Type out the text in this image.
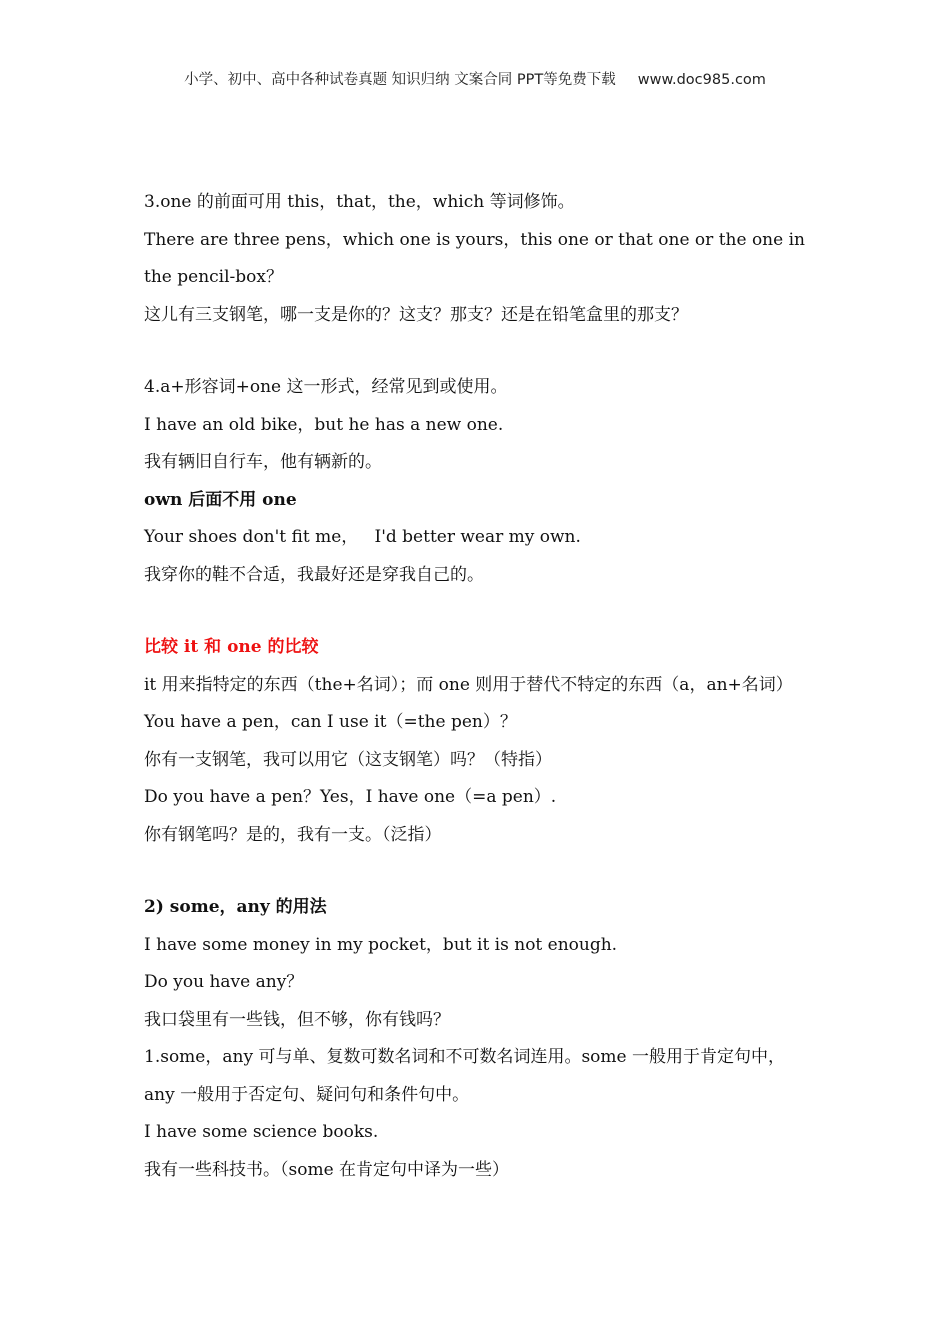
小学、初中、高中各种试卷真题 知识归纳 文案合同 PPT等免费下载 www.doc985.com

3.one 的前面可用 this，that，the，which 等词修饰。

There are three pens，which one is yours，this one or that one or the one in the pencil-box？

这儿有三支钢笔，哪一支是你的？这支？那支？还是在铅笔盒里的那支？

4.a+形容词+one 这一形式，经常见到或使用。

I have an old bike，but he has a new one.

我有辆旧自行车，他有辆新的。

own 后面不用 one

Your shoes don't fit me，   I'd better wear my own.

我穿你的鞋不合适，我最好还是穿我自己的。

比较 it 和 one 的比较

it 用来指特定的东西（the+名词）；而 one 则用于替代不特定的东西（a，an+名词）

You have a pen，can I use it（=the pen）？

你有一支钢笔，我可以用它（这支钢笔）吗？（特指）

Do you have a pen？Yes，I have one（=a pen）.

你有钢笔吗？是的，我有一支。（泛指）

2) some，any 的用法

I have some money in my pocket，but it is not enough.

Do you have any？

我口袋里有一些钱，但不够，你有钱吗？

1.some，any 可与单、复数可数名词和不可数名词连用。some 一般用于肯定句中，any 一般用于否定句、疑问句和条件句中。

I have some science books.

我有一些科技书。（some 在肯定句中译为一些）
